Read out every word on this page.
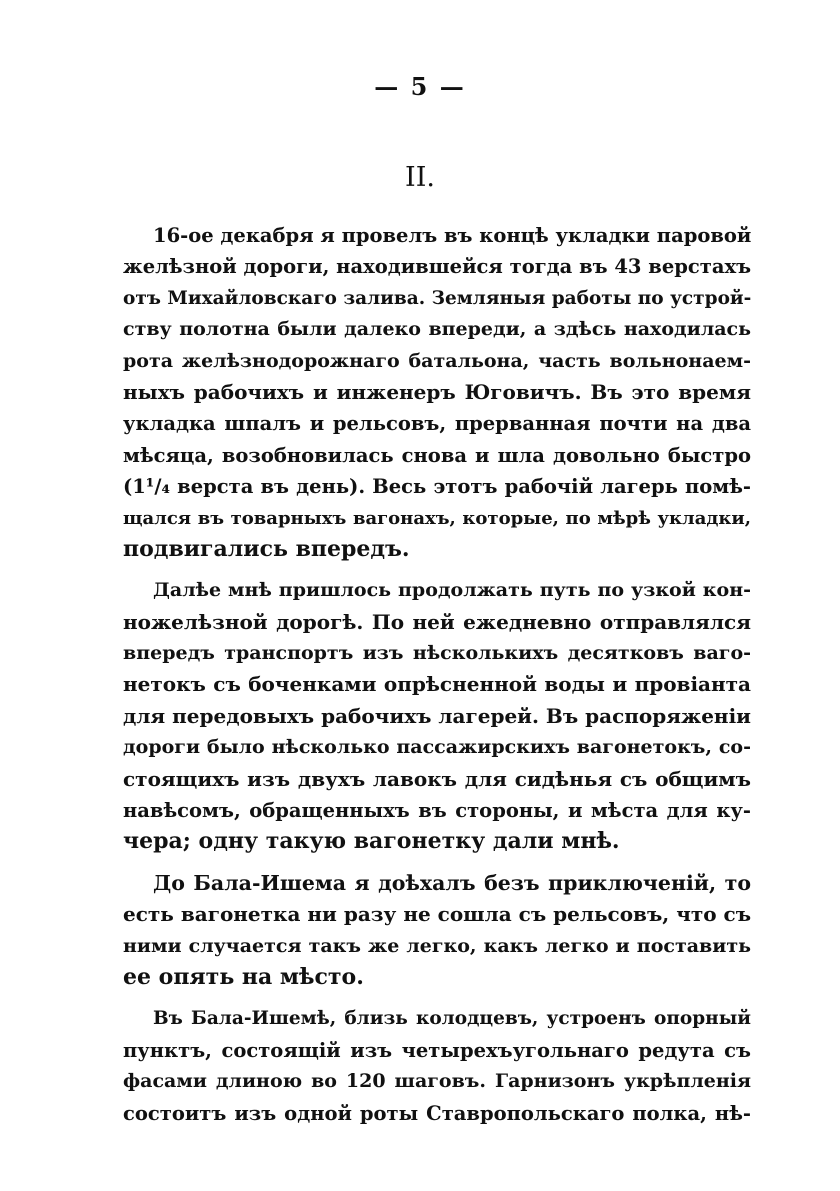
— 5 —
II.
16-ое декабря я провелъ въ концѣ укладки паровой
желѣзной дороги, находившейся тогда въ 43 верстахъ
отъ Михайловскаго залива. Земляныя работы по устрой-
ству полотна были далеко впереди, а здѣсь находилась
рота желѣзнодорожнаго батальона, часть вольнонаем-
ныхъ рабочихъ и инженеръ Юговичъ. Въ это время
укладка шпалъ и рельсовъ, прерванная почти на два
мѣсяца, возобновилась снова и шла довольно быстро
(1¹/₄ верста въ день). Весь этотъ рабочій лагерь помѣ-
щался въ товарныхъ вагонахъ, которые, по мѣрѣ укладки,
подвигались впередъ.
Далѣе мнѣ пришлось продолжать путь по узкой кон-
ножелѣзной дорогѣ. По ней ежедневно отправлялся
впередъ транспортъ изъ нѣсколькихъ десятковъ ваго-
нетокъ съ боченками опрѣсненной воды и провіанта
для передовыхъ рабочихъ лагерей. Въ распоряженіи
дороги было нѣсколько пассажирскихъ вагонетокъ, со-
стоящихъ изъ двухъ лавокъ для сидѣнья съ общимъ
навѣсомъ, обращенныхъ въ стороны, и мѣста для ку-
чера; одну такую вагонетку дали мнѣ.
До Бала-Ишема я доѣхалъ безъ приключеній, то
есть вагонетка ни разу не сошла съ рельсовъ, что съ
ними случается такъ же легко, какъ легко и поставить
ее опять на мѣсто.
Въ Бала-Ишемѣ, близь колодцевъ, устроенъ опорный
пунктъ, состоящій изъ четырехъугольнаго редута съ
фасами длиною во 120 шаговъ. Гарнизонъ укрѣпленія
состоитъ изъ одной роты Ставропольскаго полка, нѣ-
